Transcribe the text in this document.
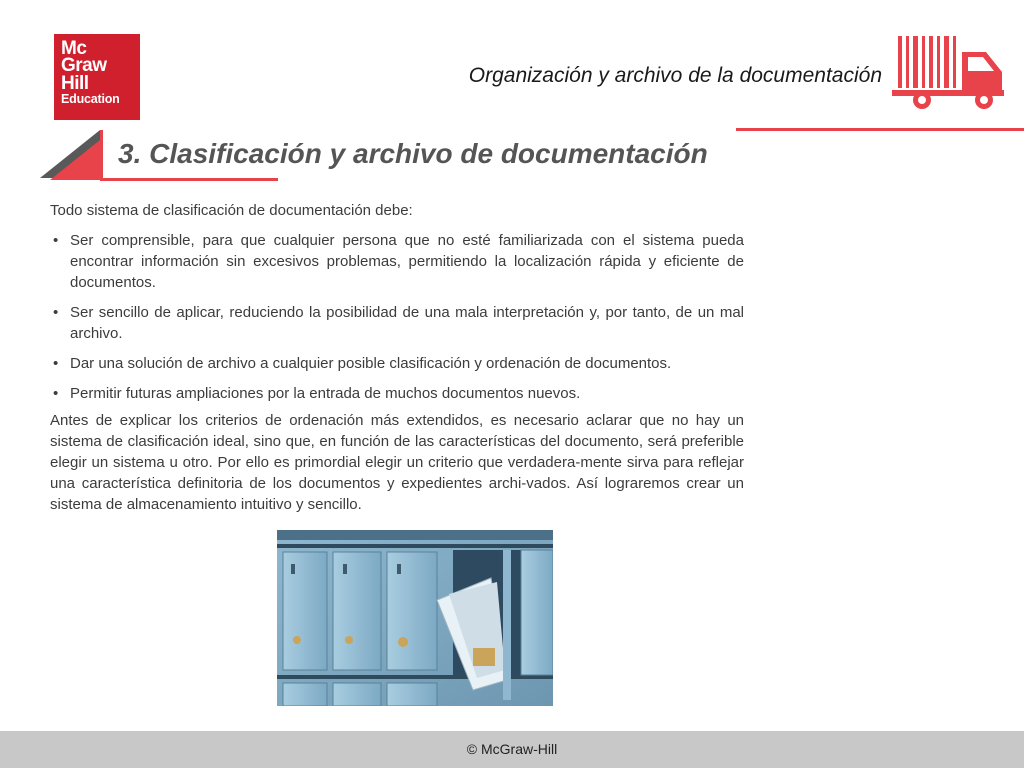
Mc
Graw
Hill
Education
Organización y archivo de la documentación
3. Clasificación y archivo de documentación

Todo sistema de clasificación de documentación debe:

• Ser comprensible, para que cualquier persona que no esté familiarizada con el sistema pueda encontrar información sin excesivos problemas, permitiendo la localización rápida y eficiente de documentos.
• Ser sencillo de aplicar, reduciendo la posibilidad de una mala interpretación y, por tanto, de un mal archivo.
• Dar una solución de archivo a cualquier posible clasificación y ordenación de documentos.
• Permitir futuras ampliaciones por la entrada de muchos documentos nuevos.

Antes de explicar los criterios de ordenación más extendidos, es necesario aclarar que no hay un sistema de clasificación ideal, sino que, en función de las características del documento, será preferible elegir un sistema u otro. Por ello es primordial elegir un criterio que verdadera-mente sirva para reflejar una característica definitoria de los documentos y expedientes archi-vados. Así lograremos crear un sistema de almacenamiento intuitivo y sencillo.

© McGraw-Hill
